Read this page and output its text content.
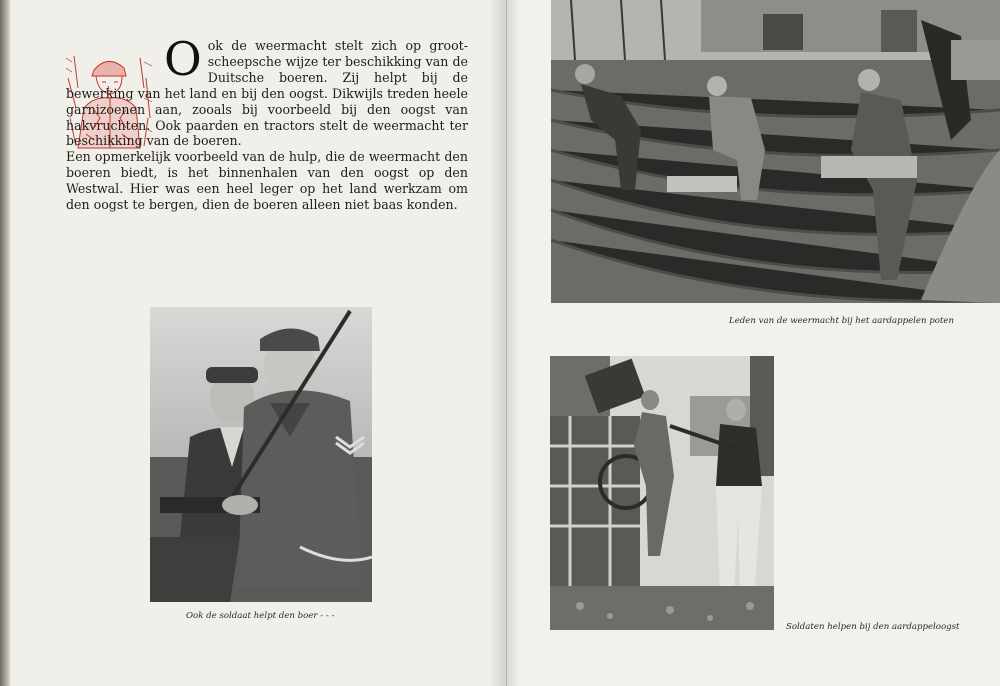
Ook de weermacht stelt zich op groot-scheepsche wijze ter beschikking van de Duitsche boeren. Zij helpt bij de bewerking van het land en bij den oogst. Dikwijls treden heele garnizoenen aan, zooals bij voorbeeld bij den oogst van hakvruchten. Ook paarden en tractors stelt de weermacht ter beschikking van de boeren.

Een opmerkelijk voorbeeld van de hulp, die de weermacht den boeren biedt, is het binnenhalen van den oogst op den Westwal. Hier was een heel leger op het land werkzam om den oogst te bergen, dien de boeren alleen niet baas konden.

Ook de soldaat helpt den boer - - -
Leden van de weermacht bij het aardappelen poten
Soldaten helpen bij den aardappeloogst
